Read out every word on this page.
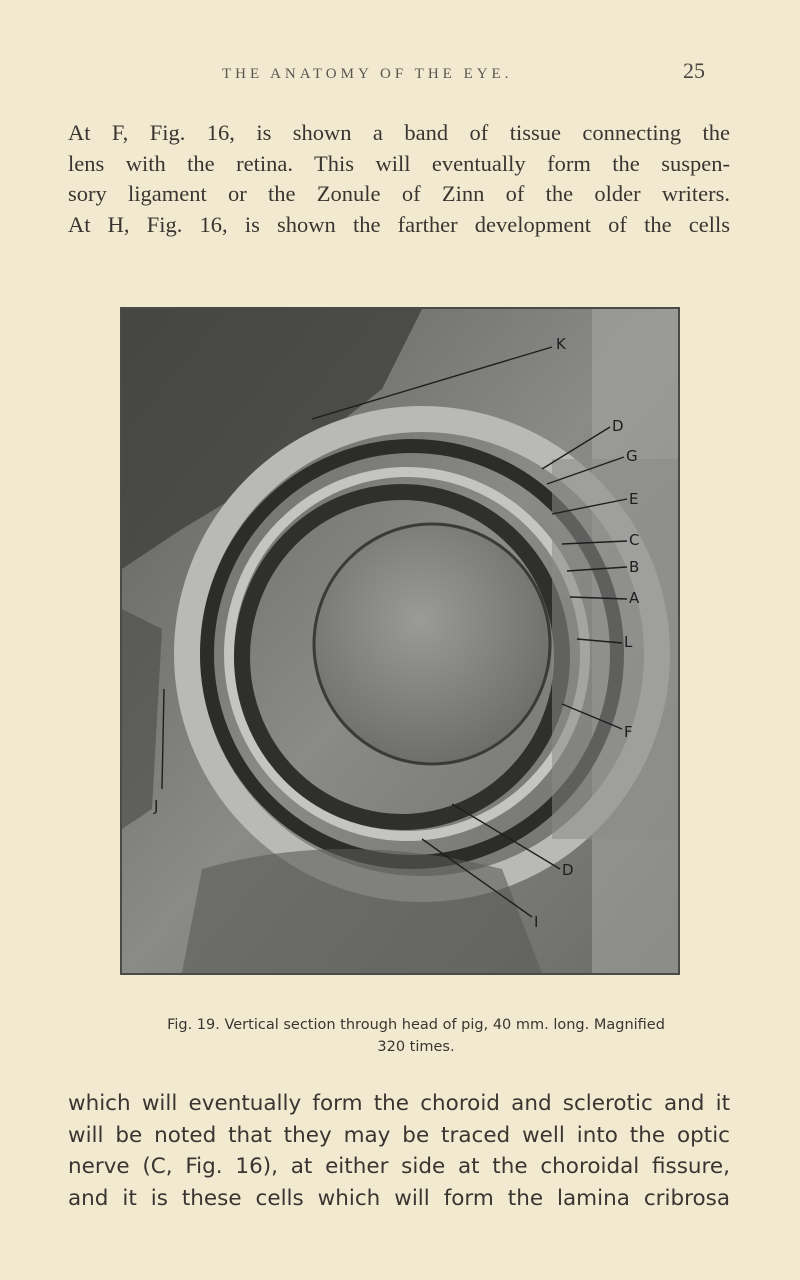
THE ANATOMY OF THE EYE.	25
At F, Fig. 16, is shown a band of tissue connecting the
lens with the retina. This will eventually form the suspen-
sory ligament or the Zonule of Zinn of the older writers.
At H, Fig. 16, is shown the farther development of the cells
K
D
G
E
C
B
A
L
F
D
I
J
Fig. 19. Vertical section through head of pig, 40 mm. long. Magnified
320 times.
which will eventually form the choroid and sclerotic and it
will be noted that they may be traced well into the optic
nerve (C, Fig. 16), at either side at the choroidal fissure,
and it is these cells which will form the lamina cribrosa
